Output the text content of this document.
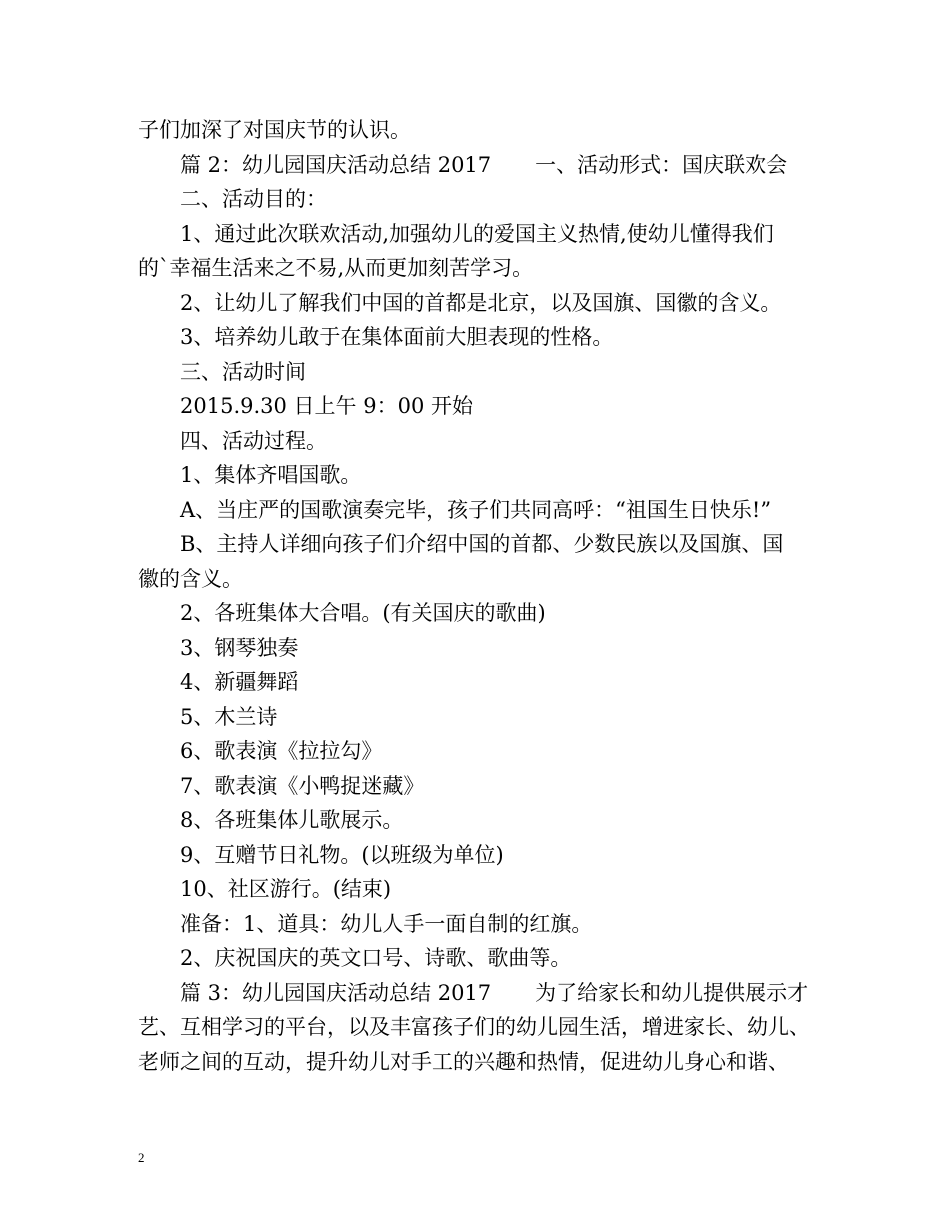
子们加深了对国庆节的认识。

篇 2：幼儿园国庆活动总结 2017 一、活动形式：国庆联欢会

二、活动目的：

1、通过此次联欢活动,加强幼儿的爱国主义热情,使幼儿懂得我们

的`幸福生活来之不易,从而更加刻苦学习。

2、让幼儿了解我们中国的首都是北京，以及国旗、国徽的含义。

3、培养幼儿敢于在集体面前大胆表现的性格。

三、活动时间

2015.9.30 日上午 9：00 开始

四、活动过程。

1、集体齐唱国歌。

A、当庄严的国歌演奏完毕，孩子们共同高呼：“祖国生日快乐!”

B、主持人详细向孩子们介绍中国的首都、少数民族以及国旗、国

徽的含义。

2、各班集体大合唱。(有关国庆的歌曲)

3、钢琴独奏

4、新疆舞蹈

5、木兰诗

6、歌表演《拉拉勾》

7、歌表演《小鸭捉迷藏》

8、各班集体儿歌展示。

9、互赠节日礼物。(以班级为单位)

10、社区游行。(结束)

准备：1、道具：幼儿人手一面自制的红旗。

2、庆祝国庆的英文口号、诗歌、歌曲等。

篇 3：幼儿园国庆活动总结 2017 为了给家长和幼儿提供展示才

艺、互相学习的平台，以及丰富孩子们的幼儿园生活，增进家长、幼儿、

老师之间的互动，提升幼儿对手工的兴趣和热情，促进幼儿身心和谐、

2
